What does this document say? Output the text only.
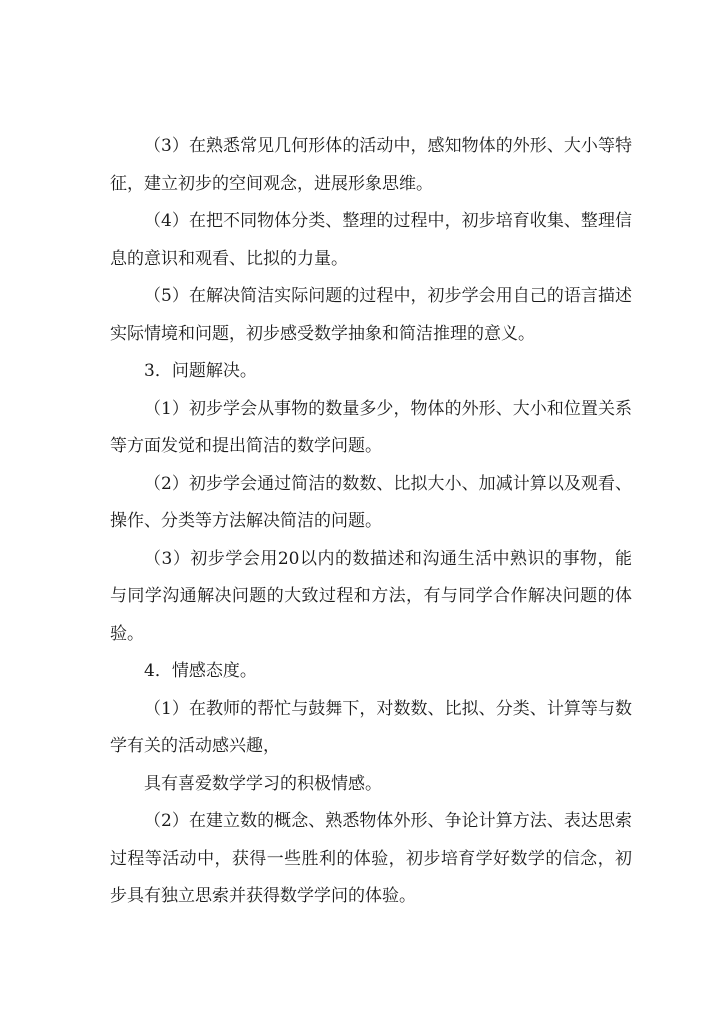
（3）在熟悉常见几何形体的活动中，感知物体的外形、大小等特征，建立初步的空间观念，进展形象思维。

（4）在把不同物体分类、整理的过程中，初步培育收集、整理信息的意识和观看、比拟的力量。

（5）在解决简洁实际问题的过程中，初步学会用自己的语言描述实际情境和问题，初步感受数学抽象和简洁推理的意义。

3．问题解决。

（1）初步学会从事物的数量多少，物体的外形、大小和位置关系等方面发觉和提出简洁的数学问题。

（2）初步学会通过简洁的数数、比拟大小、加减计算以及观看、操作、分类等方法解决简洁的问题。

（3）初步学会用20以内的数描述和沟通生活中熟识的事物，能与同学沟通解决问题的大致过程和方法，有与同学合作解决问题的体验。

4．情感态度。

（1）在教师的帮忙与鼓舞下，对数数、比拟、分类、计算等与数学有关的活动感兴趣，

具有喜爱数学学习的积极情感。

（2）在建立数的概念、熟悉物体外形、争论计算方法、表达思索过程等活动中，获得一些胜利的体验，初步培育学好数学的信念，初步具有独立思索并获得数学学问的体验。
